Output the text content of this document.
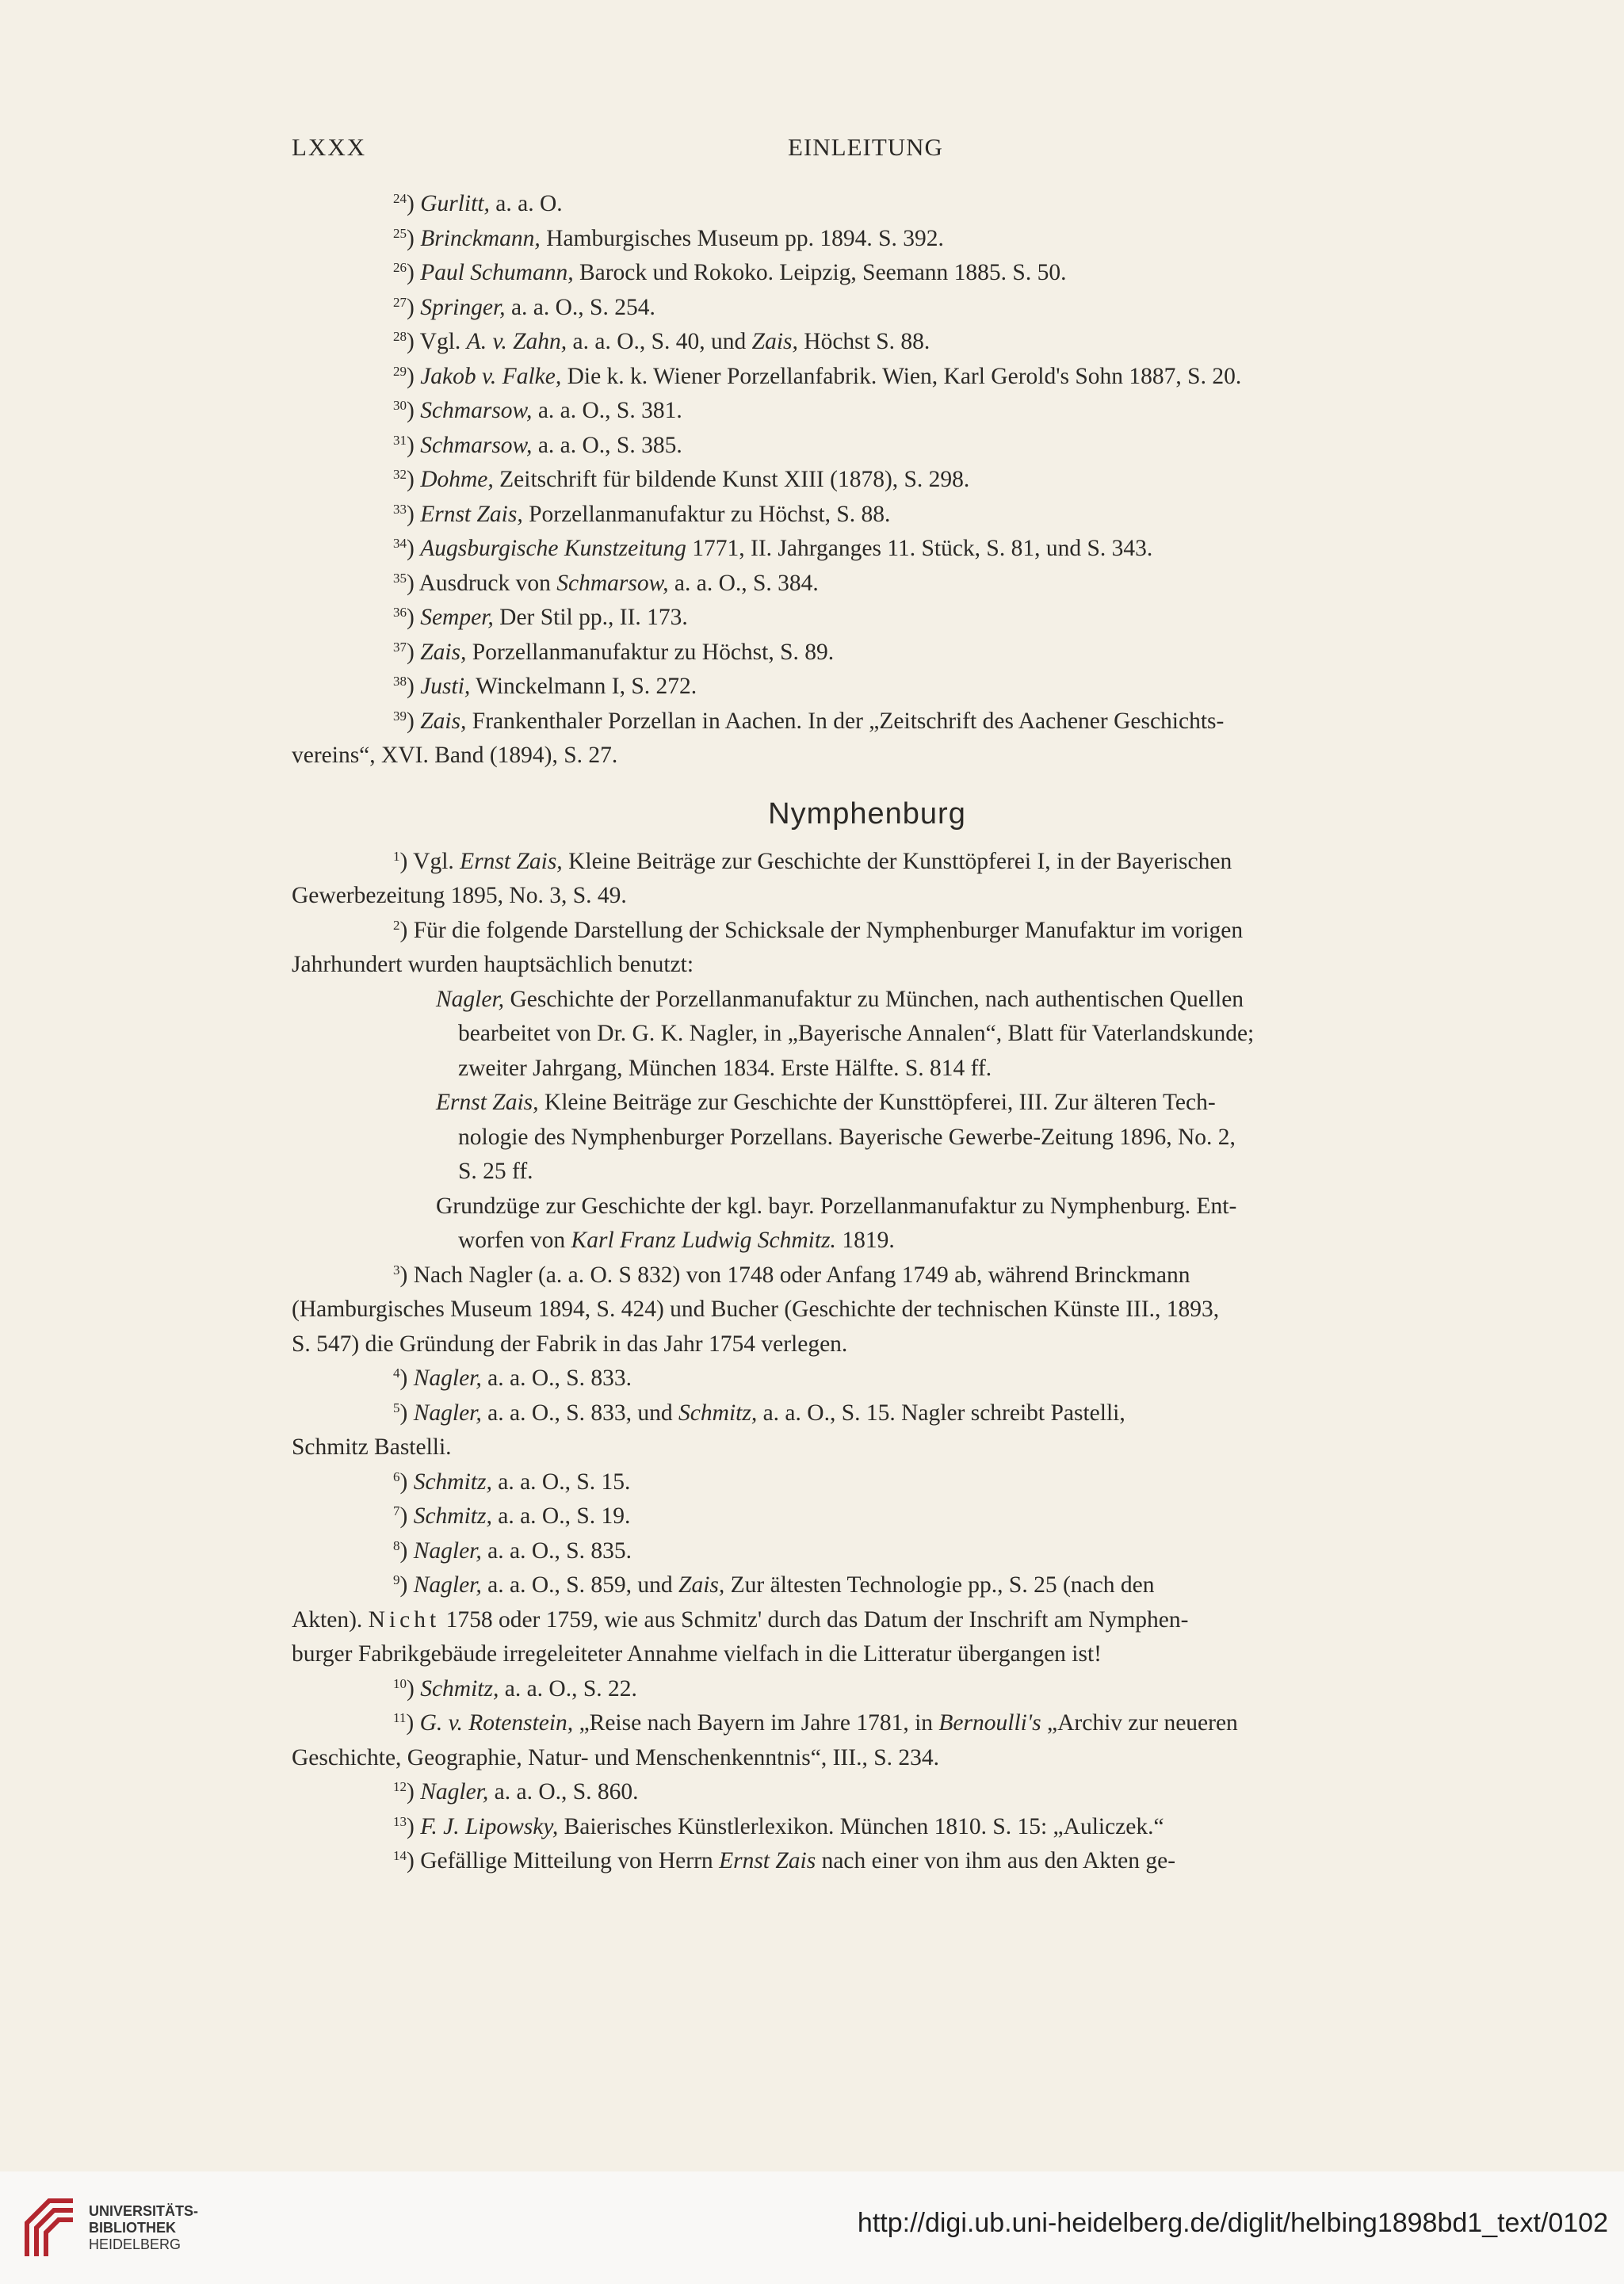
LXXX	EINLEITUNG
$^{24}$) Gurlitt, a. a. O.
$^{25}$) Brinckmann, Hamburgisches Museum pp. 1894. S. 392.
$^{26}$) Paul Schumann, Barock und Rokoko. Leipzig, Seemann 1885. S. 50.
$^{27}$) Springer, a. a. O., S. 254.
$^{28}$) Vgl. A. v. Zahn, a. a. O., S. 40, und Zais, Höchst S. 88.
$^{29}$) Jakob v. Falke, Die k. k. Wiener Porzellanfabrik. Wien, Karl Gerold's Sohn 1887, S. 20.
$^{30}$) Schmarsow, a. a. O., S. 381.
$^{31}$) Schmarsow, a. a. O., S. 385.
$^{32}$) Dohme, Zeitschrift für bildende Kunst XIII (1878), S. 298.
$^{33}$) Ernst Zais, Porzellanmanufaktur zu Höchst, S. 88.
$^{34}$) Augsburgische Kunstzeitung 1771, II. Jahrganges 11. Stück, S. 81, und S. 343.
$^{35}$) Ausdruck von Schmarsow, a. a. O., S. 384.
$^{36}$) Semper, Der Stil pp., II. 173.
$^{37}$) Zais, Porzellanmanufaktur zu Höchst, S. 89.
$^{38}$) Justi, Winckelmann I, S. 272.
$^{39}$) Zais, Frankenthaler Porzellan in Aachen. In der „Zeitschrift des Aachener Geschichts-
vereins“, XVI. Band (1894), S. 27.
Nymphenburg
$^1$) Vgl. Ernst Zais, Kleine Beiträge zur Geschichte der Kunsttöpferei I, in der Bayerischen
Gewerbezeitung 1895, No. 3, S. 49.
$^2$) Für die folgende Darstellung der Schicksale der Nymphenburger Manufaktur im vorigen
Jahrhundert wurden hauptsächlich benutzt:
Nagler, Geschichte der Porzellanmanufaktur zu München, nach authentischen Quellen
bearbeitet von Dr. G. K. Nagler, in „Bayerische Annalen“, Blatt für Vaterlandskunde;
zweiter Jahrgang, München 1834. Erste Hälfte. S. 814 ff.
Ernst Zais, Kleine Beiträge zur Geschichte der Kunsttöpferei, III. Zur älteren Tech-
nologie des Nymphenburger Porzellans. Bayerische Gewerbe-Zeitung 1896, No. 2,
S. 25 ff.
Grundzüge zur Geschichte der kgl. bayr. Porzellanmanufaktur zu Nymphenburg. Ent-
worfen von Karl Franz Ludwig Schmitz. 1819.
$^3$) Nach Nagler (a. a. O. S 832) von 1748 oder Anfang 1749 ab, während Brinckmann
(Hamburgisches Museum 1894, S. 424) und Bucher (Geschichte der technischen Künste III., 1893,
S. 547) die Gründung der Fabrik in das Jahr 1754 verlegen.
$^4$) Nagler, a. a. O., S. 833.
$^5$) Nagler, a. a. O., S. 833, und Schmitz, a. a. O., S. 15. Nagler schreibt Pastelli,
Schmitz Bastelli.
$^6$) Schmitz, a. a. O., S. 15.
$^7$) Schmitz, a. a. O., S. 19.
$^8$) Nagler, a. a. O., S. 835.
$^9$) Nagler, a. a. O., S. 859, und Zais, Zur ältesten Technologie pp., S. 25 (nach den
Akten). Nicht 1758 oder 1759, wie aus Schmitz' durch das Datum der Inschrift am Nymphen-
burger Fabrikgebäude irregeleiteter Annahme vielfach in die Litteratur übergangen ist!
$^{10}$) Schmitz, a. a. O., S. 22.
$^{11}$) G. v. Rotenstein, „Reise nach Bayern im Jahre 1781, in Bernoulli's „Archiv zur neueren
Geschichte, Geographie, Natur- und Menschenkenntnis“, III., S. 234.
$^{12}$) Nagler, a. a. O., S. 860.
$^{13}$) F. J. Lipowsky, Baierisches Künstlerlexikon. München 1810. S. 15: „Auliczek.“
$^{14}$) Gefällige Mitteilung von Herrn Ernst Zais nach einer von ihm aus den Akten ge-
UNIVERSITÄTS-
BIBLIOTHEK
HEIDELBERG
http://digi.ub.uni-heidelberg.de/diglit/helbing1898bd1_text/0102
